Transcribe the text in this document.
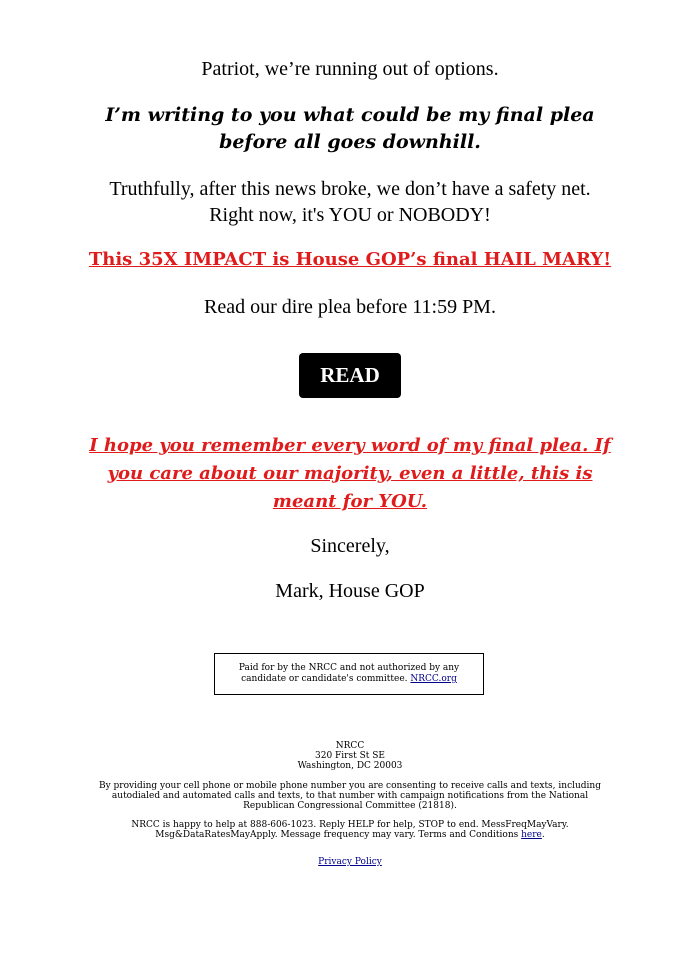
Patriot, we’re running out of options.

I’m writing to you what could be my final plea
before all goes downhill.
Truthfully, after this news broke, we don’t have a safety net.
Right now, it's YOU or NOBODY!
This 35X IMPACT is House GOP’s final HAIL MARY!

Read our dire plea before 11:59 PM.

READ
I hope you remember every word of my final plea. If
you care about our majority, even a little, this is
meant for YOU.

Sincerely,

Mark, House GOP

Paid for by the NRCC and not authorized by any candidate or candidate's committee. NRCC.org
NRCC
320 First St SE
Washington, DC 20003
By providing your cell phone or mobile phone number you are consenting to receive calls and texts, including autodialed and automated calls and texts, to that number with campaign notifications from the National Republican Congressional Committee (21818).
NRCC is happy to help at 888-606-1023. Reply HELP for help, STOP to end. MessFreqMayVary. Msg&DataRatesMayApply. Message frequency may vary. Terms and Conditions here.
Privacy Policy
